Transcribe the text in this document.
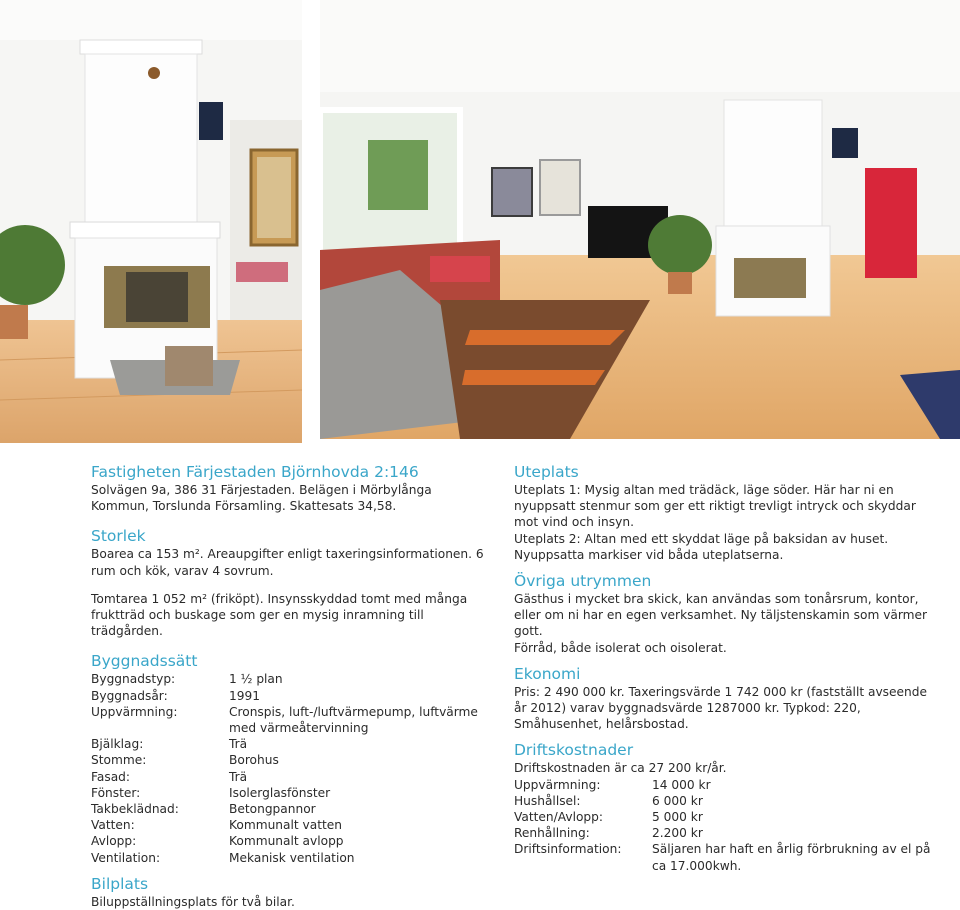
Fastigheten Färjestaden Björnhovda 2:146

Solvägen 9a, 386 31 Färjestaden. Belägen i Mörbylånga Kommun, Torslunda Församling. Skattesats 34,58.

Storlek

Boarea ca 153 m². Areaupgifter enligt taxeringsinformationen. 6 rum och kök, varav 4 sovrum.

Tomtarea 1 052 m² (friköpt). Insynsskyddad tomt med många fruktträd och buskage som ger en mysig inramning till trädgården.

Byggnadssätt
Byggnadstyp:	1 ½ plan
Byggnadsår:	1991
Uppvärmning:	Cronspis, luft-/luftvärmepump, luftvärme med värmeåtervinning
Bjälklag:	Trä
Stomme:	Borohus
Fasad:	Trä
Fönster:	Isolerglasfönster
Takbeklädnad:	Betongpannor
Vatten:	Kommunalt vatten
Avlopp:	Kommunalt avlopp
Ventilation:	Mekanisk ventilation
Bilplats

Biluppställningsplats för två bilar.

Uteplats

Uteplats 1: Mysig altan med trädäck, läge söder. Här har ni en nyuppsatt stenmur som ger ett riktigt trevligt intryck och skyddar mot vind och insyn.

Uteplats 2: Altan med ett skyddat läge på baksidan av huset. Nyuppsatta markiser vid båda uteplatserna.

Övriga utrymmen

Gästhus i mycket bra skick, kan användas som tonårsrum, kontor, eller om ni har en egen verksamhet. Ny täljstenskamin som värmer gott.

Förråd, både isolerat och oisolerat.

Ekonomi

Pris: 2 490 000 kr. Taxeringsvärde 1 742 000 kr (fastställt avseende år 2012) varav byggnadsvärde 1287000 kr. Typkod: 220, Småhusenhet, helårsbostad.

Driftskostnader

Driftskostnaden är ca 27 200 kr/år.

Uppvärmning:	14 000 kr
Hushållsel:	6 000 kr
Vatten/Avlopp:	5 000 kr
Renhållning:	2.200 kr
Driftsinformation:	Säljaren har haft en årlig förbrukning av el på ca 17.000kwh.
